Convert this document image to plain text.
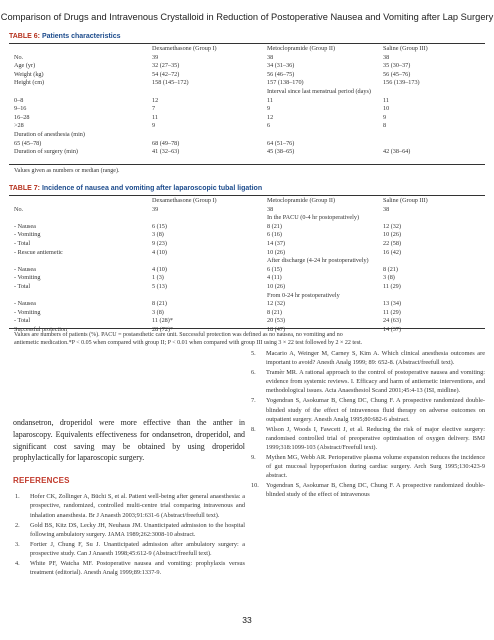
Comparison of Drugs and Intravenous Crystalloid in Reduction of Postoperative Nausea and Vomiting after Lap Surgery
TABLE 6: Patients characteristics
	Dexamethasone (Group I)	Metoclopramide (Group II)	Saline (Group III)
No.	39	38	38
Age (yr)	32 (27–35)	34 (31–36)	35 (30–37)
Weight (kg)	54 (42–72)	56 (46–75)	56 (45–76)
Height (cm)	158 (145–172)	157 (138–170)	156 (139–173)
		Interval since last menstrual period (days)	
0–8	12	11	11
9–16	7	9	10
16–28	11	12	9
>28	9	6	8
Duration of anesthesia (min)			
65 (45–78)	68 (49–78)	64 (51–76)	
Duration of surgery (min)	41 (32–63)	45 (38–65)	42 (38–64)
Values given as numbers or median (range).
TABLE 7: Incidence of nausea and vomiting after laparoscopic tubal ligation
	Dexamethasone (Group I)	Metoclopramide (Group II)	Saline (Group III)
No.	39	38	38
		In the PACU (0-4 hr postoperatively)	
- Nausea	6 (15)	8 (21)	12 (32)
- Vomiting	3 (8)	6 (16)	10 (26)
- Total	9 (23)	14 (37)	22 (58)
- Rescue antiemetic	4 (10)	10 (26)	16 (42)
		After discharge (4-24 hr postoperatively)	
- Nausea	4 (10)	6 (15)	8 (21)
- Vomiting	1 (3)	4 (11)	3 (8)
- Total	5 (13)	10 (26)	11 (29)
		From 0-24 hr postoperatively	
- Nausea	8 (21)	12 (32)	13 (34)
- Vomiting	3 (8)	8 (21)	11 (29)
- Total	11 (28)*	20 (53)	24 (63)
Successful protection	28 (72)*	18 (47)	14 (37)
Values are numbers of patients (%). PACU = postaesthetic care unit. Successful protection was defined as no nausea, no vomiting and no
antiemetic medication.*P < 0.05 when compared with group II; P < 0.01 when compared with group III using 3 × 22 test followed by 2 × 22 test.

ondansetron, droperidol were more effective than the anther in laparoscopy. Equivalents effectiveness for ondansetron, droperidol, and significant cost saving may be obtained by using droperidol prophylactically for laparoscopic surgery.

REFERENCES
1. Hofer CK, Zollinger A, Büchi S, et al. Patient well-being after general anaesthesia: a prospective, randomized, controlled multi-centre trial comparing intravenous and inhalation anaesthesia. Br J Anaesth 2003;91:631-6 (Abstract/freefull text).
2. Gold BS, Kitz DS, Lecky JH, Neuhaus JM. Unanticipated admission to the hospital following ambulatory surgery. JAMA 1989;262:3008-10 abstract.
3. Fortier J, Chung F, Su J. Unanticipated admission after ambulatory surgery: a prospective study. Can J Anaesth 1998;45:612-9 (Abstract/freefull text).
4. White PF, Watcha MF. Postoperative nausea and vomiting: prophylaxis versus treatment (editorial). Anesth Analg 1999;89:1337-9.
5. Macario A, Weinger M, Carney S, Kim A. Which clinical anesthesia outcomes are important to avoid? Anesth Analg 1999; 89: 652-8. (Abstract/freefull text).
6. Tramèr MR. A rational approach to the control of postoperative nausea and vomiting: evidence from systemic reviews. I. Efficacy and harm of antiemetic interventions, and methodological issues. Acta Anaesthesiol Scand 2001;45:4-13 (ISI, midline).
7. Yogendran S, Asokumar B, Cheng DC, Chung F. A prospective randomized double-blinded study of the effect of intravenous fluid therapy on adverse outcomes on outpatient surgery. Anesth Analg 1995;80:682-6 abstract.
8. Wilson J, Woods I, Fawcett J, et al. Reducing the risk of major elective surgery: randomised controlled trial of preoperative optimisation of oxygen delivery. BMJ 1999;318:1099-103 (Abstract/Freefull text).
9. Mythen MG, Webb AR. Perioperative plasma volume expansion reduces the incidence of gut mucosal hypoperfusion during cardiac surgery. Arch Surg 1995;130:423-9 abstract.
10. Yogendran S, Asokumar B, Cheng DC, Chung F. A prospective randomized double-blinded study of the effect of intravenous
33
